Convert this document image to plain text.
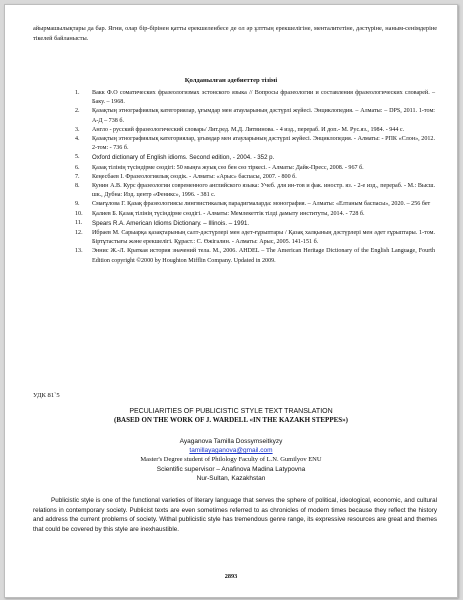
айырмашылықтары да бар. Ягни, олар бір-бірінен қатты ерекшеленбесе де ол әр ұлттың ерекшелігіне, менталитетіне, дәстүріне, наным-сенімдеріне тікелей байланысты.
Қолданылған әдебиеттер тізімі
1. Вакк Ф.О соматических фразеологизмах эстонского языка // Вопросы фразеологии и составления фразеологических словарей. – Баку. – 1968.
2. Қазақтың этнографиялық категориялар, ұғымдар мен атауларының дәстүрлі жүйесі. Энциклопедия. – Алматы: – DPS, 2011. 1-том: А-Д – 738 б.
3. Англо - русский фразеологический словарь/ Лит.ред. М.Д. Литвинова. - 4 изд., перераб. И доп.- М. Рус.яз., 1984. - 944 с.
4. Қазақтың этнографиялық категориялар, ұғымдар мен атауларының дәстүрлі жүйесі. Энциклопедия. - Алматы: - РПК «Слон», 2012. 2-том: - 736 б.
5. Oxford dictionary of English idioms. Second edition, - 2004. - 352 p.
6. Қазақ тілінің түсіндірме сөздігі: 50 мыңға жуық сөз бен сөз тіркесі. - Алматы: Дайк-Пресс, 2008. - 967 б.
7. Кеңесбаев І. Фразеологиялық сөздік. - Алматы: «Арыс» баспасы, 2007. - 800 б.
8. Кунин А.В. Курс фразеологии современного английского языка: Учеб. для ин-тов и фак. иностр. яз. - 2-е изд., перераб. - М.: Высш. шк., Дубна: Изд. центр «Феникс», 1996. - 381 с.
9. Смағұлова Г. Қазақ фразеологиясы лингвистикалық парадигмаларда: монография. – Алматы: «Елтаным баспасы», 2020. – 256 бет
10. Қалиев Б. Қазақ тілінің түсіндірме сөздігі. - Алматы: Мемлекеттік тілді дамыту институты, 2014. - 728 б.
11. Spears R.A. American Idioms Dictionary. – Illinois. – 1991.
12. Ибраев М. Сарыарқа қазақтарының салт-дәстүрлері мен әдет-ғұрыптары / Қазақ халқының дәстүрлері мен әдет ғұрыптары. 1-том. Біртұтастығы және ерекшелігі. Құраст.: С. Өжігалин. - Алматы: Арыс, 2005. 141-151 б.
13. Эннис Ж.-Л. Краткая история значений тела. М., 2006. AHDEL – The American Heritage Dictionary of the English Language, Fourth Edition copyright ©2000 by Houghton Mifflin Company. Updated in 2009.
УДК 81`5
PECULIARITIES OF PUBLICISTIC STYLE TEXT TRANSLATION
(BASED ON THE WORK OF J. WARDELL «IN THE KAZAKH STEPPES»)
Ayaganova Tamilla Dossymseitkyzy
tamillayaganova@gmail.com
Master's Degree student of Philology Faculty of L.N. Gumilyov ENU
Scientific supervisor – Anafinova Madina Latypovna
Nur-Sultan, Kazakhstan

Publicistic style is one of the functional varieties of literary language that serves the sphere of political, ideological, economic, and cultural relations in contemporary society. Publicist texts are even sometimes referred to as chronicles of modern times because they reflect the history and address the current problems of society. Withal publicistic style has tremendous genre range, its expressive resources are great and themes that could be covered by this style are inexhaustible.

2893
